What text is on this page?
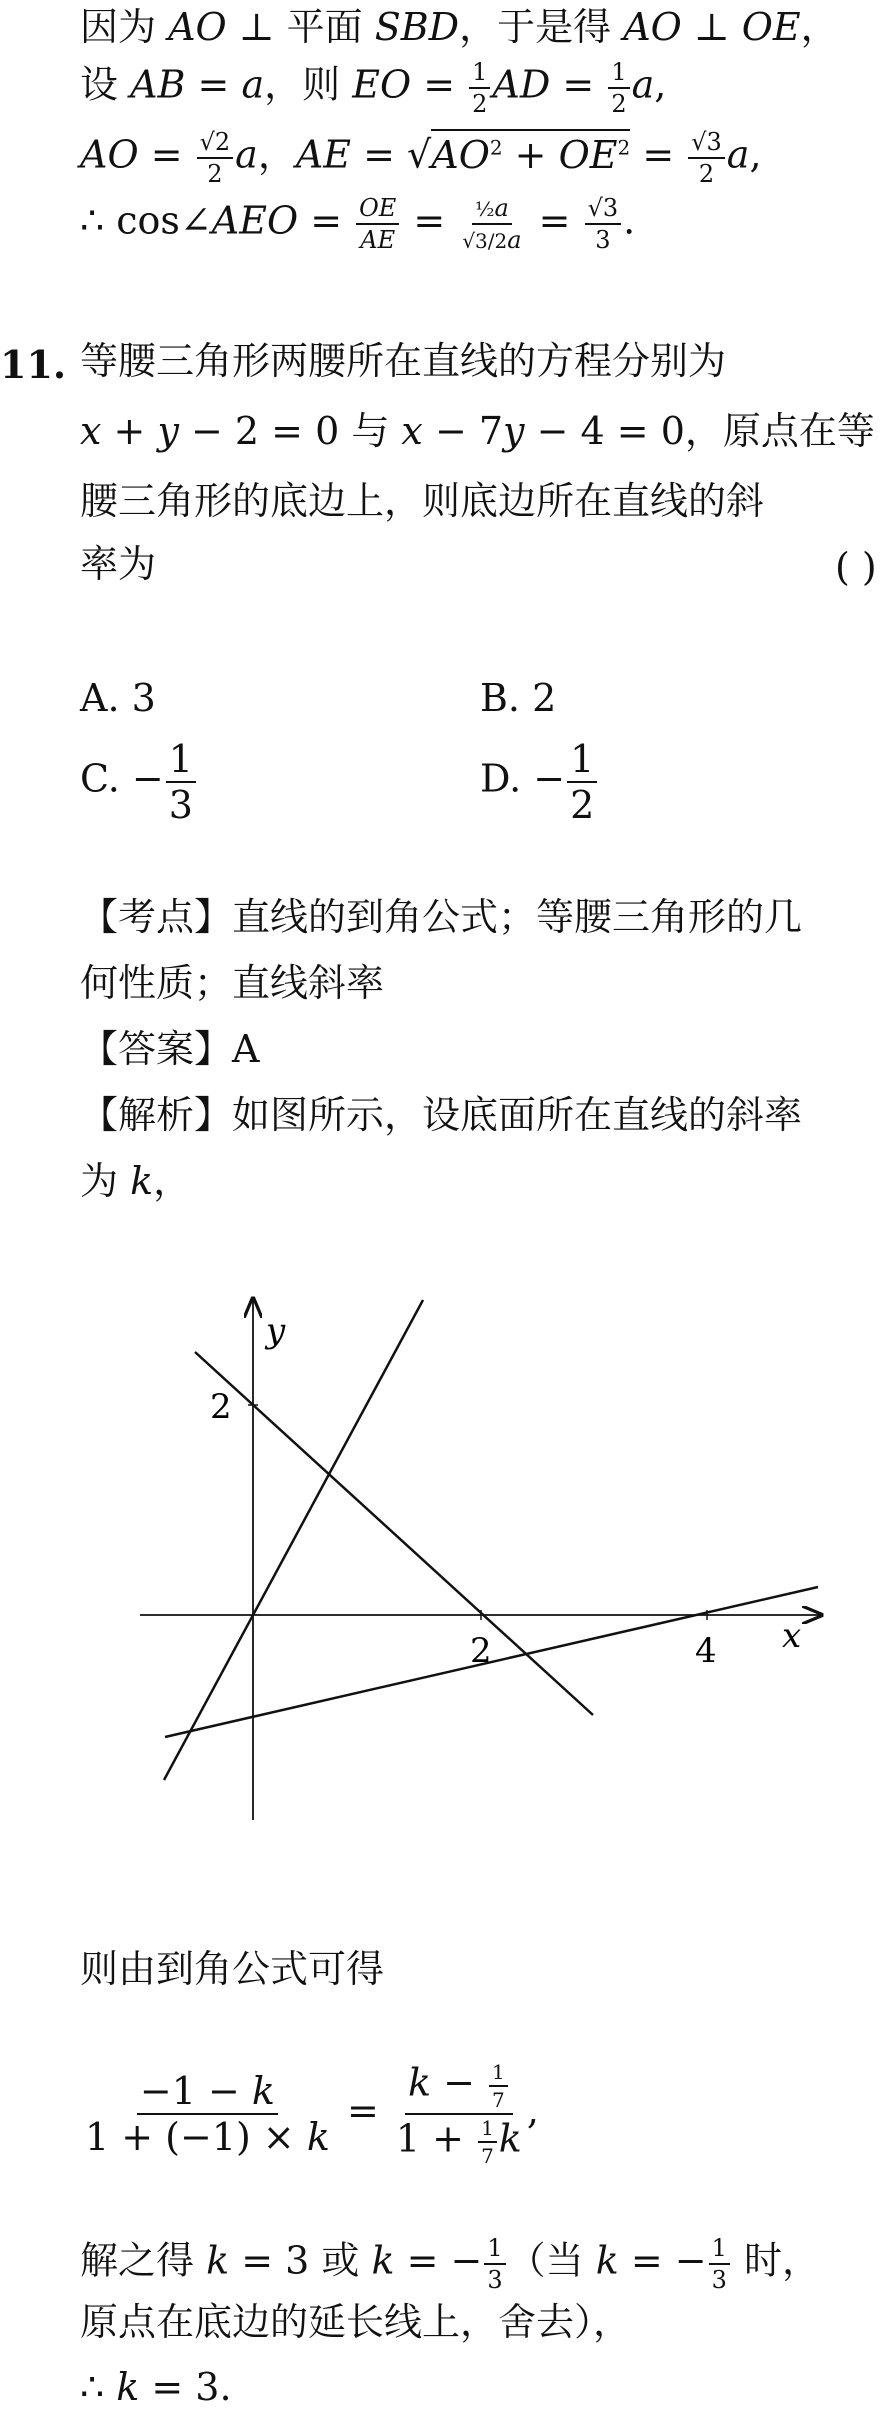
因为 AO ⊥ 平面 SBD，于是得 AO ⊥ OE，
设 AB = a，则 EO = $\frac{1}{2}$ AD = $\frac{1}{2} a$,
AO = $\frac{√2}{2}$ a，AE = $√AO^2 + OE^2 = \frac{√3}{2} a$,
∴ cos∠AEO = $\frac{OE}{AE} = \frac{\text{½a}}{√3/2a} = \frac{√3}{3}$ .
11. 等腰三角形两腰所在直线的方程分别为
x + y − 2 = 0 与 x − 7y − 4 = 0，原点在等
腰三角形的底边上，则底边所在直线的斜
率为	( )
A. 3	B. 2
C. − $\frac{1}{3}$	D. − $\frac{1}{2}$
【考点】直线的到角公式；等腰三角形的几
何性质；直线斜率
【答案】A
【解析】如图所示，设底面所在直线的斜率
为 k，
x
y
2	4
2
则由到角公式可得
$\frac{-1 - k}{1 + (-1) \times k} = \frac{k - \frac{1}{7}}{1 + \frac{1}{7} k}$ ,
解之得 k = 3 或 k = − $\frac{1}{3}$ （当 k = − $\frac{1}{3}$ 时，
原点在底边的延长线上，舍去），
∴ k = 3.
